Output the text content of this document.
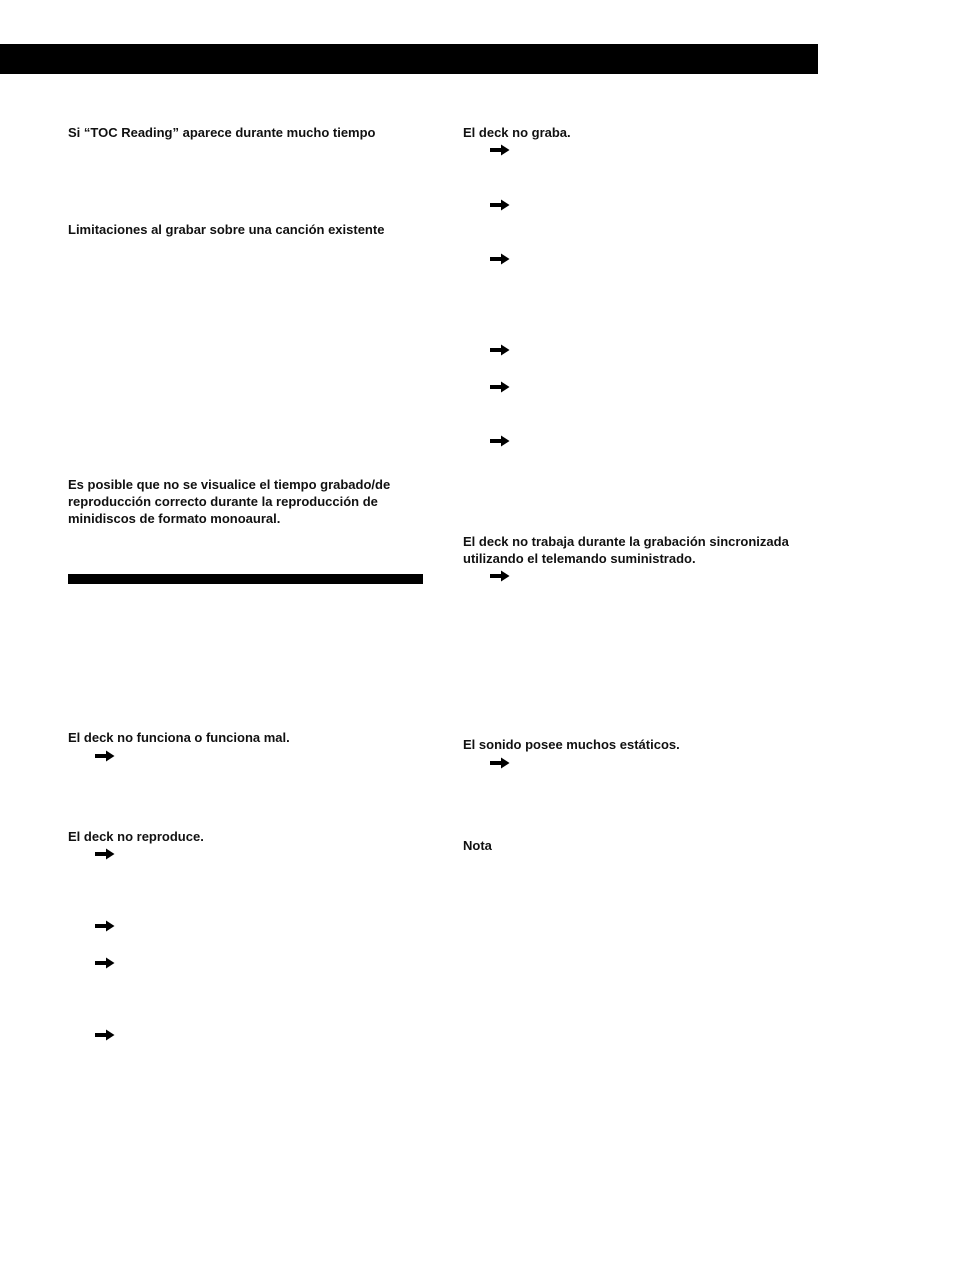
Si “TOC Reading” aparece durante mucho tiempo

Limitaciones al grabar sobre una canción existente

Es posible que no se visualice el tiempo grabado/de

reproducción correcto durante la reproducción de

minidiscos de formato monoaural.

El deck no funciona o funciona mal.

El deck no reproduce.

El deck no graba.

El deck no trabaja durante la grabación sincronizada

utilizando el telemando suministrado.

El sonido posee muchos estáticos.

Nota
